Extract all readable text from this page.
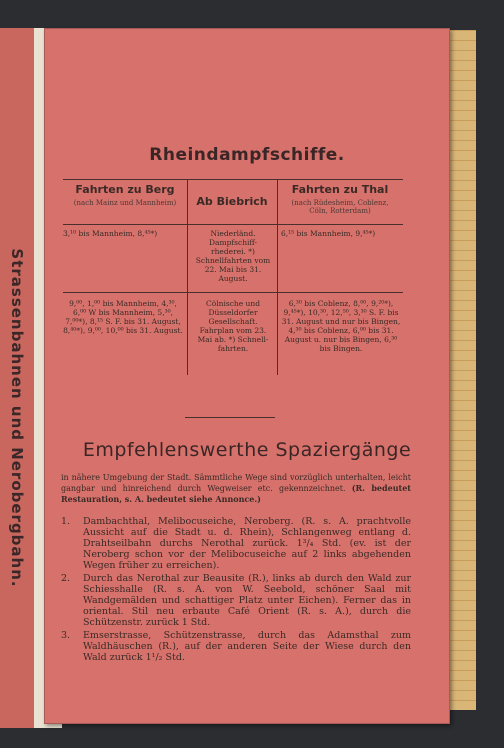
Strassenbahnen und Nerobergbahn.
Rheindampfschiffe.
Fahrten zu Berg
(nach Mainz und Mannheim)	Ab Biebrich
Fahrten zu Thal
(nach Rüdesheim, Coblenz, Cöln, Rotterdam)
3,¹⁰ bis Mannheim, 8,⁴⁵*)	Niederländ. Dampfschiff-rhederei. *) Schnellfahrten vom 22. Mai bis 31. August.
6,¹⁵ bis Mannheim, 9,⁴⁵*)
9,⁰⁰, 1,⁰⁰ bis Mannheim, 4,³⁰, 6,⁰⁰ W bis Mannheim, 5,³⁰, 7,⁰⁰*), 8,¹⁵ S. F. bis 31. August, 8,⁴⁰*), 9,⁰⁰, 10,⁰⁰ bis 31. August.
Cölnische und Düsseldorfer Gesellschaft. Fahrplan vom 23. Mai ab. *) Schnell-fahrten.
6,³⁰ bis Coblenz, 8,⁰⁰, 9,²⁰*), 9,⁴⁵*), 10,³⁰, 12,⁵⁰, 3,³⁰ S. F. bis 31. August und nur bis Bingen, 4,³⁰ bis Coblenz, 6,⁰⁰ bis 31. August u. nur bis Bingen, 6,³⁰ bis Bingen.
Empfehlenswerthe Spaziergänge
in nähere Umgebung der Stadt. Sämmtliche Wege sind vorzüglich unterhalten, leicht gangbar und hinreichend durch Wegweiser etc. gekennzeichnet. (R. bedeutet Restauration, s. A. bedeutet siehe Annonce.)
1. Dambachthal, Melibocuseiche, Neroberg. (R. s. A. prachtvolle Aussicht auf die Stadt u. d. Rhein), Schlangenweg entlang d. Drahtseilbahn durchs Nerothal zurück. 1³/₄ Std. (ev. ist der Neroberg schon vor der Melibocuseiche auf 2 links abgehenden Wegen früher zu erreichen).
2. Durch das Nerothal zur Beausite (R.), links ab durch den Wald zur Schiesshalle (R. s. A. von W. Seebold, schöner Saal mit Wandgemälden und schattiger Platz unter Eichen). Ferner das in oriental. Stil neu erbaute Café Orient (R. s. A.), durch die Schützenstr. zurück 1 Std.
3. Emserstrasse, Schützenstrasse, durch das Adamsthal zum Waldhäuschen (R.), auf der anderen Seite der Wiese durch den Wald zurück 1¹/₂ Std.
